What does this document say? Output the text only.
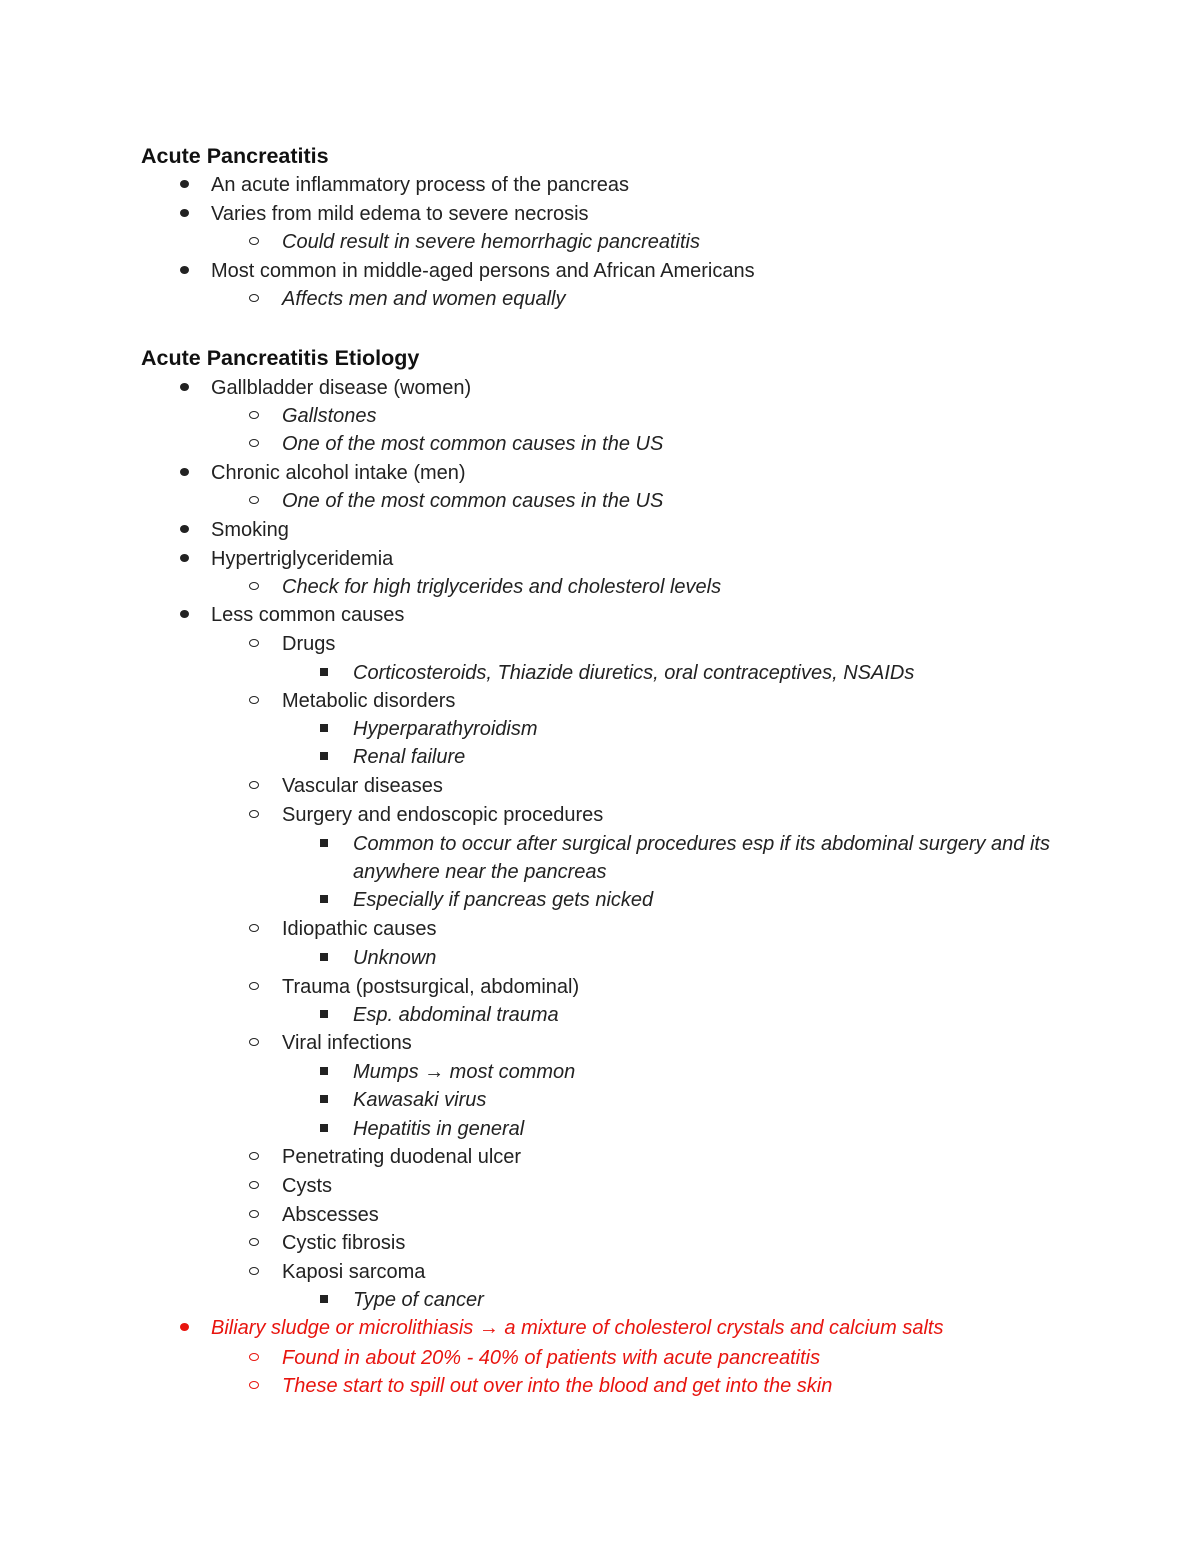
Acute Pancreatitis
An acute inflammatory process of the pancreas
Varies from mild edema to severe necrosis
Could result in severe hemorrhagic pancreatitis
Most common in middle-aged persons and African Americans
Affects men and women equally
Acute Pancreatitis Etiology
Gallbladder disease (women)
Gallstones
One of the most common causes in the US
Chronic alcohol intake (men)
One of the most common causes in the US
Smoking
Hypertriglyceridemia
Check for high triglycerides and cholesterol levels
Less common causes
Drugs
Corticosteroids, Thiazide diuretics, oral contraceptives, NSAIDs
Metabolic disorders
Hyperparathyroidism
Renal failure
Vascular diseases
Surgery and endoscopic procedures
Common to occur after surgical procedures esp if its abdominal surgery and its anywhere near the pancreas
Especially if pancreas gets nicked
Idiopathic causes
Unknown
Trauma (postsurgical, abdominal)
Esp. abdominal trauma
Viral infections
Mumps → most common
Kawasaki virus
Hepatitis in general
Penetrating duodenal ulcer
Cysts
Abscesses
Cystic fibrosis
Kaposi sarcoma
Type of cancer
Biliary sludge or microlithiasis → a mixture of cholesterol crystals and calcium salts
Found in about 20% - 40% of patients with acute pancreatitis
These start to spill out over into the blood and get into the skin
